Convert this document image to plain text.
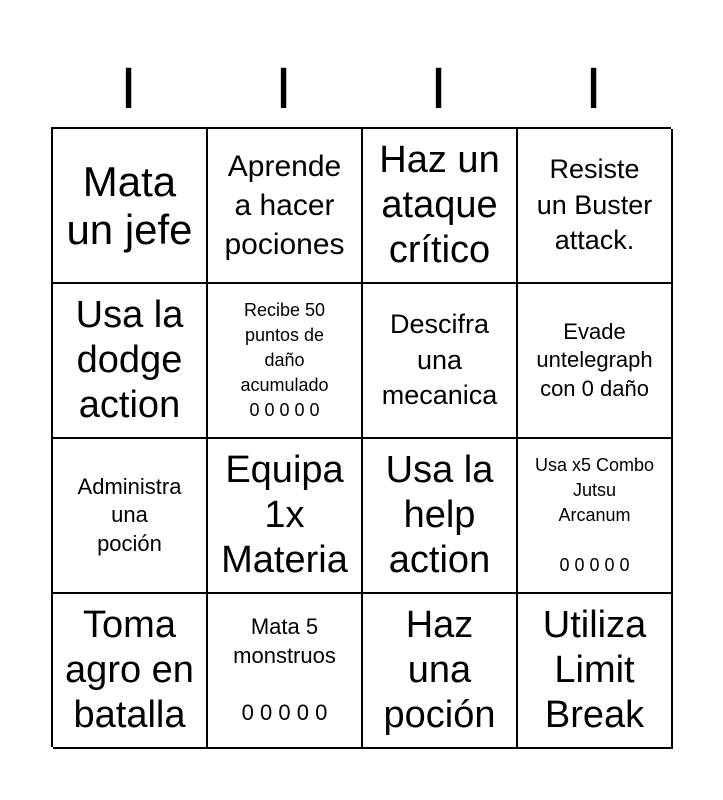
I	I	I	I
Mata
un jefe
Aprende
a hacer
pociones
Haz un
ataque
crítico
Resiste
un Buster
attack.
Usa la
dodge
action
Recibe 50
puntos de
daño
acumulado
0 0 0 0 0
Descifra
una
mecanica
Evade
untelegraph
con 0 daño
Administra
una
poción
Equipa
1x
Materia
Usa la
help
action
Usa x5 Combo
Jutsu
Arcanum

0 0 0 0 0
Toma
agro en
batalla
Mata 5
monstruos

0 0 0 0 0
Haz
una
poción
Utiliza
Limit
Break
